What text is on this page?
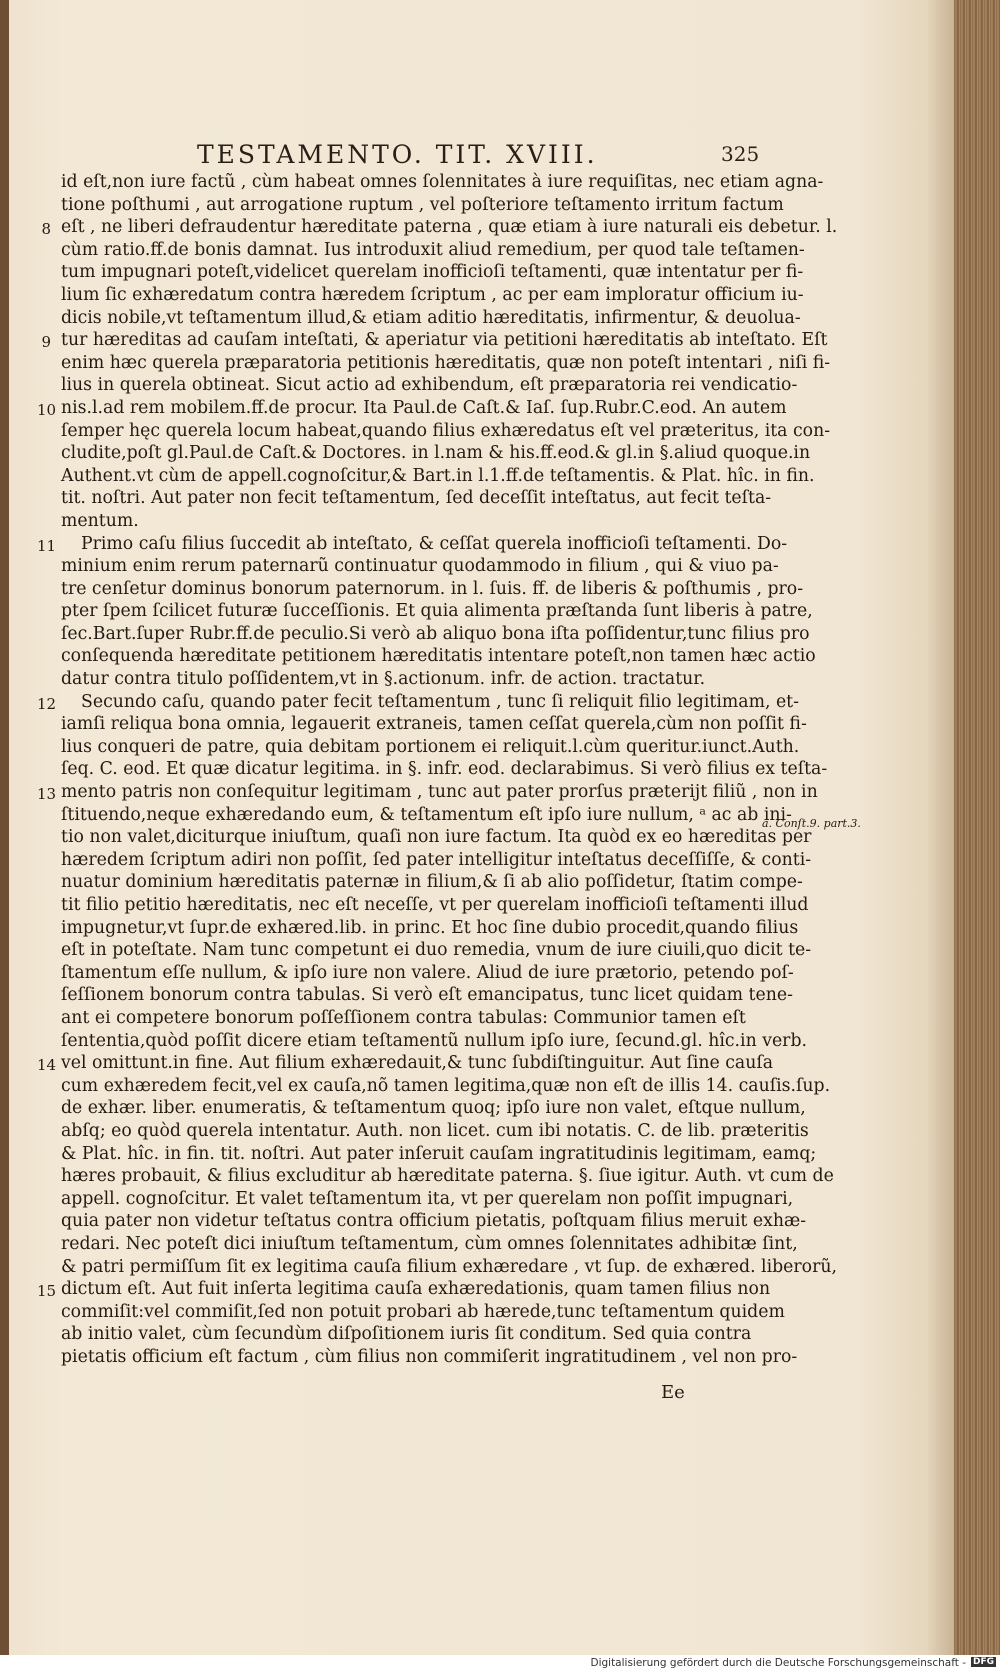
TESTAMENTO. TIT. XVIII.	325
id eſt,non iure factũ , cùm habeat omnes ſolennitates à iure requiſitas, nec etiam agna-
tione poſthumi , aut arrogatione ruptum , vel poſteriore teſtamento irritum factum
8 eſt , ne liberi defraudentur hæreditate paterna , quæ etiam à iure naturali eis debetur. l.
cùm ratio.ff.de bonis damnat. Ius introduxit aliud remedium, per quod tale teſtamen-
tum impugnari poteſt,videlicet querelam inofficioſi teſtamenti, quæ intentatur per fi-
lium ſic exhæredatum contra hæredem ſcriptum , ac per eam imploratur officium iu-
dicis nobile,vt teſtamentum illud,& etiam aditio hæreditatis, infirmentur, & deuolua-
9 tur hæreditas ad cauſam inteſtati, & aperiatur via petitioni hæreditatis ab inteſtato. Eſt
enim hæc querela præparatoria petitionis hæreditatis, quæ non poteſt intentari , niſi fi-
lius in querela obtineat. Sicut actio ad exhibendum, eſt præparatoria rei vendicatio-
10 nis.l.ad rem mobilem.ff.de procur. Ita Paul.de Caſt.& Iaſ. ſup.Rubr.C.eod. An autem
ſemper hęc querela locum habeat,quando filius exhæredatus eſt vel præteritus, ita con-
cludite,poſt gl.Paul.de Caſt.& Doctores. in l.nam & his.ff.eod.& gl.in §.aliud quoque.in
Authent.vt cùm de appell.cognoſcitur,& Bart.in l.1.ff.de teſtamentis. & Plat. hîc. in fin.
tit. noſtri. Aut pater non fecit teſtamentum, ſed deceſſit inteſtatus, aut fecit teſta-
mentum.
11 Primo caſu filius ſuccedit ab inteſtato, & ceſſat querela inofficioſi teſtamenti. Do-
minium enim rerum paternarũ continuatur quodammodo in filium , qui & viuo pa-
tre cenſetur dominus bonorum paternorum. in l. ſuis. ff. de liberis & poſthumis , pro-
pter ſpem ſcilicet futuræ ſucceſſionis. Et quia alimenta præſtanda ſunt liberis à patre,
ſec.Bart.ſuper Rubr.ff.de peculio.Si verò ab aliquo bona iſta poſſidentur,tunc filius pro
conſequenda hæreditate petitionem hæreditatis intentare poteſt,non tamen hæc actio
datur contra titulo poſſidentem,vt in §.actionum. infr. de action. tractatur.
12 Secundo caſu, quando pater fecit teſtamentum , tunc ſi reliquit filio legitimam, et-
iamſi reliqua bona omnia, legauerit extraneis, tamen ceſſat querela,cùm non poſſit fi-
lius conqueri de patre, quia debitam portionem ei reliquit.l.cùm queritur.iunct.Auth.
ſeq. C. eod. Et quæ dicatur legitima. in §. infr. eod. declarabimus. Si verò filius ex teſta-
13 mento patris non conſequitur legitimam , tunc aut pater prorſus præterijt filiũ , non in
ſtituendo,neque exhæredando eum, & teſtamentum eſt ipſo iure nullum, ᵃ ac ab ini-
tio non valet,diciturque iniuſtum, quaſi non iure factum. Ita quòd ex eo hæreditas per
hæredem ſcriptum adiri non poſſit, ſed pater intelligitur inteſtatus deceſſiſſe, & conti-
nuatur dominium hæreditatis paternæ in filium,& ſi ab alio poſſidetur, ſtatim compe-
tit filio petitio hæreditatis, nec eſt neceſſe, vt per querelam inofficioſi teſtamenti illud
impugnetur,vt ſupr.de exhæred.lib. in princ. Et hoc ſine dubio procedit,quando filius
eſt in poteſtate. Nam tunc competunt ei duo remedia, vnum de iure ciuili,quo dicit te-
ſtamentum eſſe nullum, & ipſo iure non valere. Aliud de iure prætorio, petendo poſ-
ſeſſionem bonorum contra tabulas. Si verò eſt emancipatus, tunc licet quidam tene-
ant ei competere bonorum poſſeſſionem contra tabulas: Communior tamen eſt
ſententia,quòd poſſit dicere etiam teſtamentũ nullum ipſo iure, ſecund.gl. hîc.in verb.
14 vel omittunt.in fine. Aut filium exhæredauit,& tunc ſubdiſtinguitur. Aut ſine cauſa
cum exhæredem fecit,vel ex cauſa,nõ tamen legitima,quæ non eſt de illis 14. cauſis.ſup.
de exhær. liber. enumeratis, & teſtamentum quoq; ipſo iure non valet, eſtque nullum,
abſq; eo quòd querela intentatur. Auth. non licet. cum ibi notatis. C. de lib. præteritis
& Plat. hîc. in fin. tit. noſtri. Aut pater inſeruit cauſam ingratitudinis legitimam, eamq;
hæres probauit, & filius excluditur ab hæreditate paterna. §. ſiue igitur. Auth. vt cum de
appell. cognoſcitur. Et valet teſtamentum ita, vt per querelam non poſſit impugnari,
quia pater non videtur teſtatus contra officium pietatis, poſtquam filius meruit exhæ-
redari. Nec poteſt dici iniuſtum teſtamentum, cùm omnes ſolennitates adhibitæ ſint,
& patri permiſſum ſit ex legitima cauſa filium exhæredare , vt ſup. de exhæred. liberorũ,
15 dictum eſt. Aut fuit inſerta legitima cauſa exhæredationis, quam tamen filius non
commiſit:vel commiſit,ſed non potuit probari ab hærede,tunc teſtamentum quidem
ab initio valet, cùm ſecundùm diſpoſitionem iuris ſit conditum. Sed quia contra
pietatis officium eſt factum , cùm filius non commiſerit ingratitudinem , vel non pro-
a. Conſt.9. part.3.
Ee
Digitalisierung gefördert durch die Deutsche Forschungsgemeinschaft - DFG
